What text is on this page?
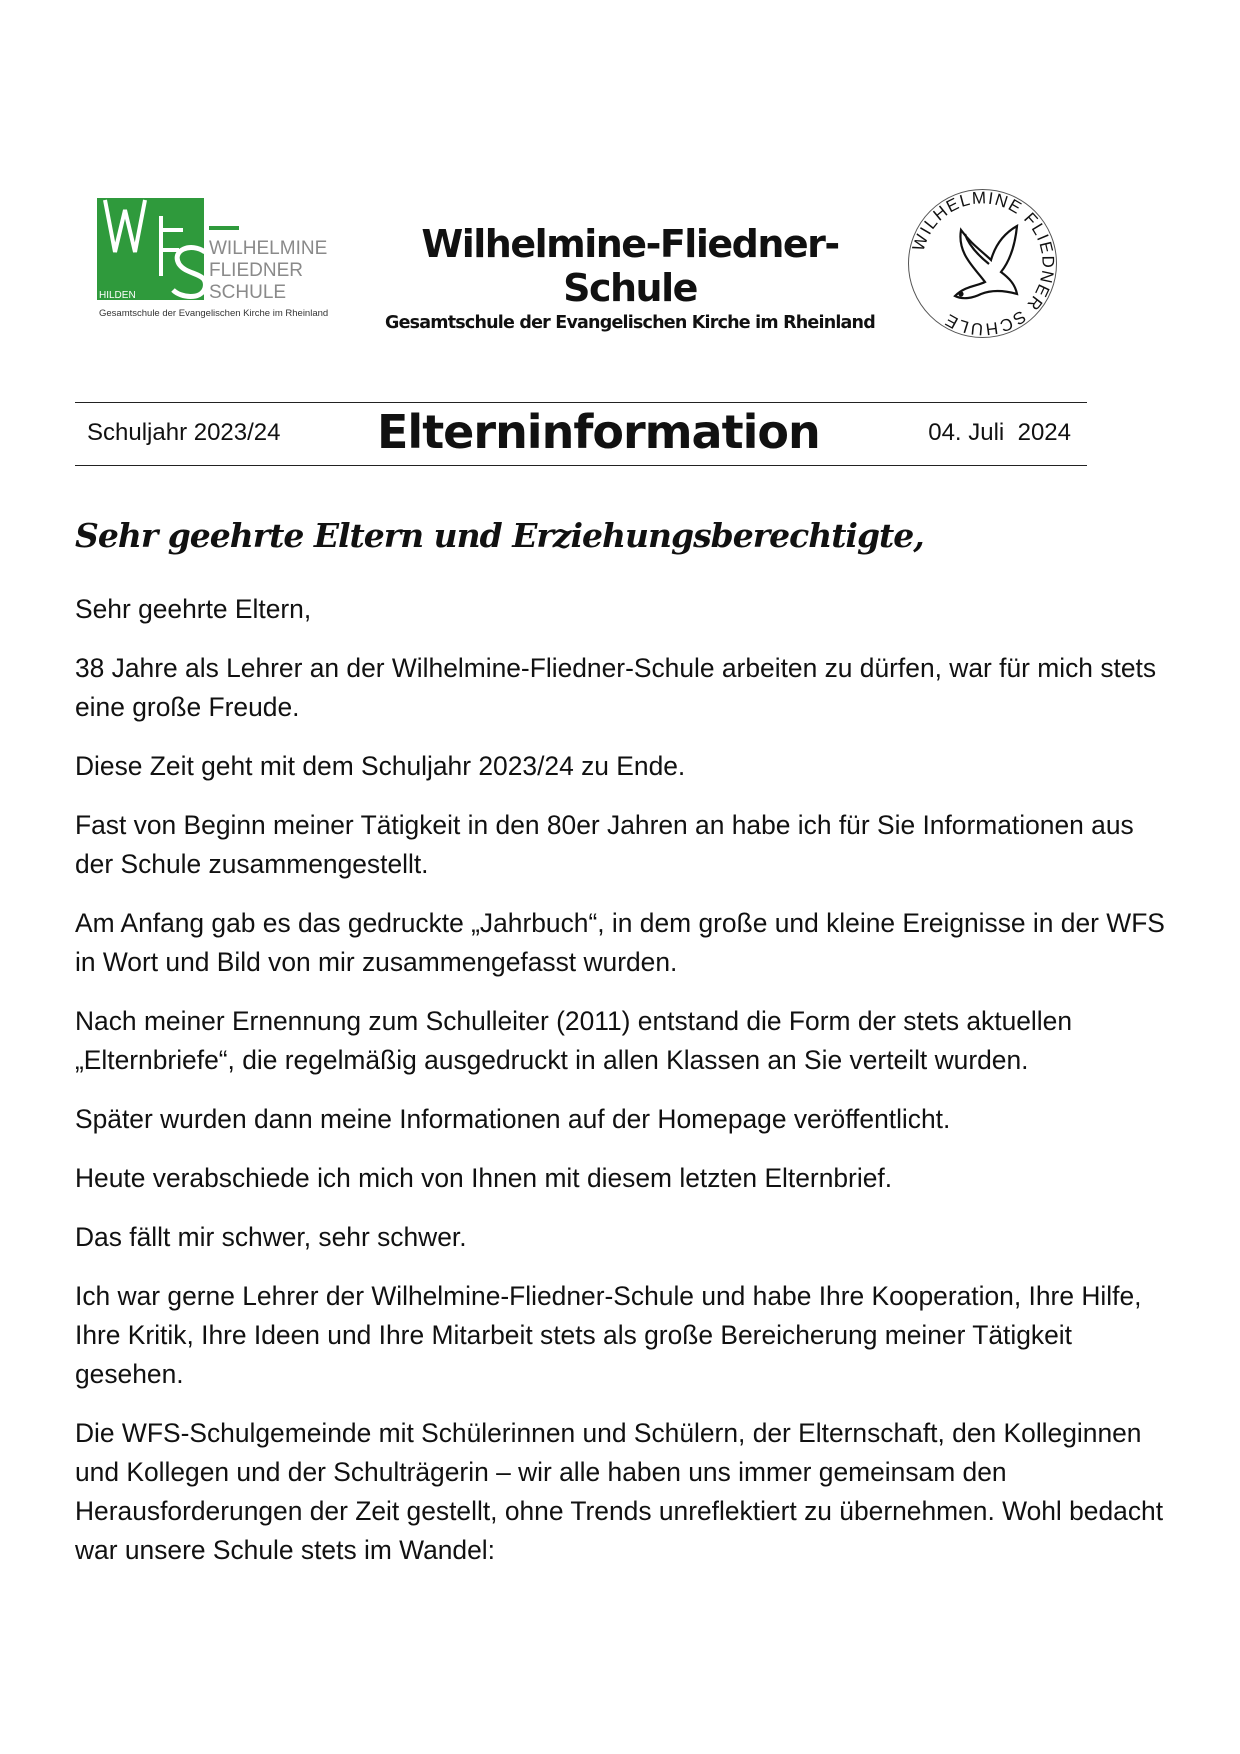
HILDEN
WILHELMINE
FLIEDNER
SCHULE
Gesamtschule der Evangelischen Kirche im Rheinland
Wilhelmine-Fliedner-Schule
Gesamtschule der Evangelischen Kirche im Rheinland
WILHELMINE FLIEDNER SCHULE
Schuljahr 2023/24 Elterninformation	04. Juli  2024
Sehr geehrte Eltern und Erziehungsberechtigte,

Sehr geehrte Eltern,

38 Jahre als Lehrer an der Wilhelmine-Fliedner-Schule arbeiten zu dürfen, war für mich stets eine große Freude.

Diese Zeit geht mit dem Schuljahr 2023/24 zu Ende.

Fast von Beginn meiner Tätigkeit in den 80er Jahren an habe ich für Sie Informationen aus der Schule zusammengestellt.

Am Anfang gab es das gedruckte „Jahrbuch“, in dem große und kleine Ereignisse in der WFS in Wort und Bild von mir zusammengefasst wurden.

Nach meiner Ernennung zum Schulleiter (2011) entstand die Form der stets aktuellen „Elternbriefe“, die regelmäßig ausgedruckt in allen Klassen an Sie verteilt wurden.

Später wurden dann meine Informationen auf der Homepage veröffentlicht.

Heute verabschiede ich mich von Ihnen mit diesem letzten Elternbrief.

Das fällt mir schwer, sehr schwer.

Ich war gerne Lehrer der Wilhelmine-Fliedner-Schule und habe Ihre Kooperation, Ihre Hilfe, Ihre Kritik, Ihre Ideen und Ihre Mitarbeit stets als große Bereicherung meiner Tätigkeit gesehen.

Die WFS-Schulgemeinde mit Schülerinnen und Schülern, der Elternschaft, den Kolleginnen und Kollegen und der Schulträgerin – wir alle haben uns immer gemeinsam den Herausforderungen der Zeit gestellt, ohne Trends unreflektiert zu übernehmen. Wohl bedacht war unsere Schule stets im Wandel:
